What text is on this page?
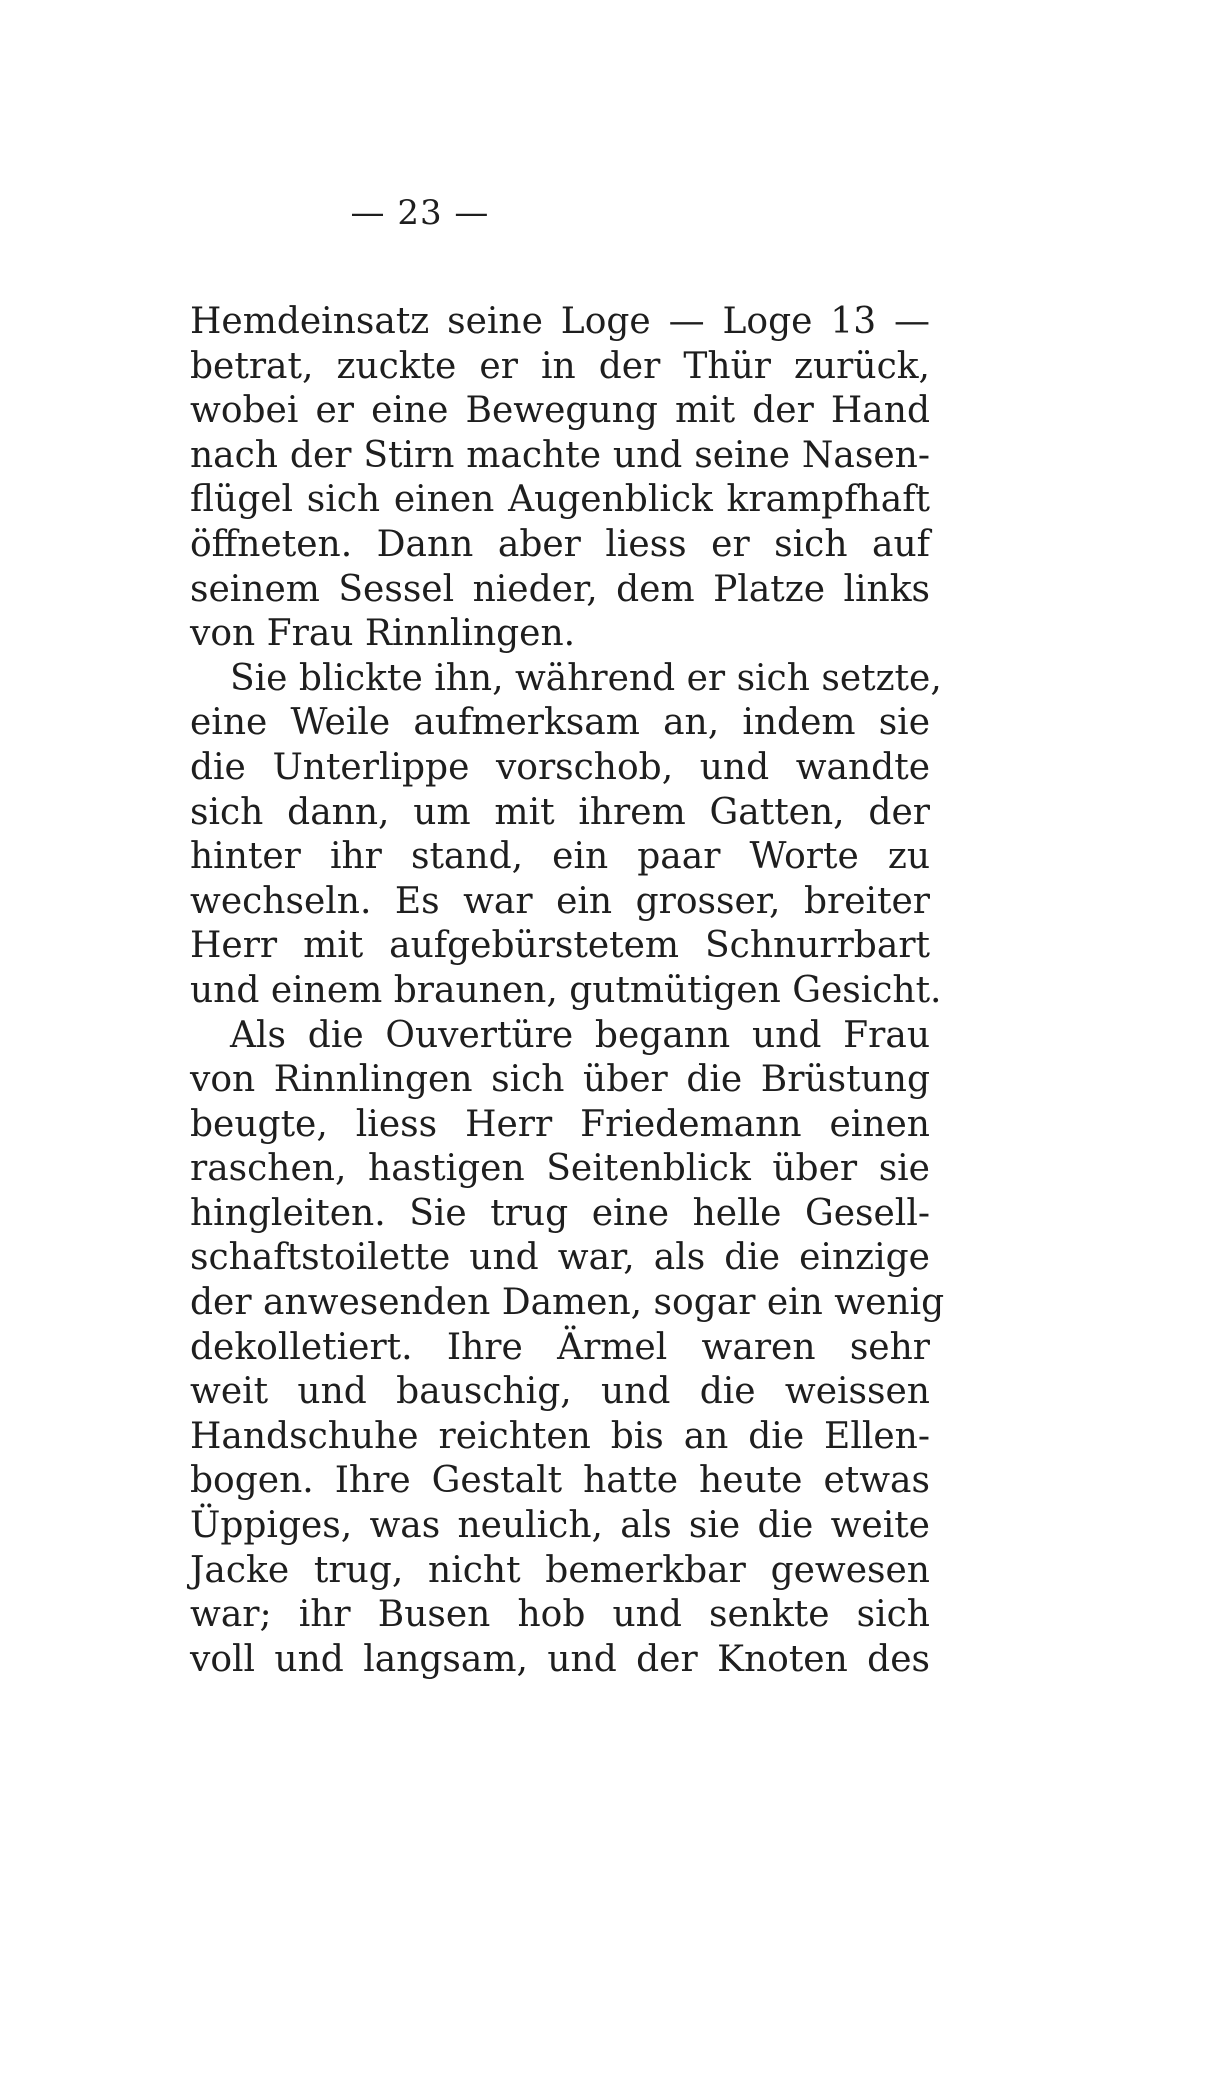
— 23 —
Hemdeinsatz seine Loge — Loge 13 —
betrat, zuckte er in der Thür zurück,
wobei er eine Bewegung mit der Hand
nach der Stirn machte und seine Nasen-
flügel sich einen Augenblick krampfhaft
öffneten. Dann aber liess er sich auf
seinem Sessel nieder, dem Platze links
von Frau Rinnlingen.
Sie blickte ihn, während er sich setzte,
eine Weile aufmerksam an, indem sie
die Unterlippe vorschob, und wandte
sich dann, um mit ihrem Gatten, der
hinter ihr stand, ein paar Worte zu
wechseln. Es war ein grosser, breiter
Herr mit aufgebürstetem Schnurrbart
und einem braunen, gutmütigen Gesicht.
Als die Ouvertüre begann und Frau
von Rinnlingen sich über die Brüstung
beugte, liess Herr Friedemann einen
raschen, hastigen Seitenblick über sie
hingleiten. Sie trug eine helle Gesell-
schaftstoilette und war, als die einzige
der anwesenden Damen, sogar ein wenig
dekolletiert. Ihre Ärmel waren sehr
weit und bauschig, und die weissen
Handschuhe reichten bis an die Ellen-
bogen. Ihre Gestalt hatte heute etwas
Üppiges, was neulich, als sie die weite
Jacke trug, nicht bemerkbar gewesen
war; ihr Busen hob und senkte sich
voll und langsam, und der Knoten des
